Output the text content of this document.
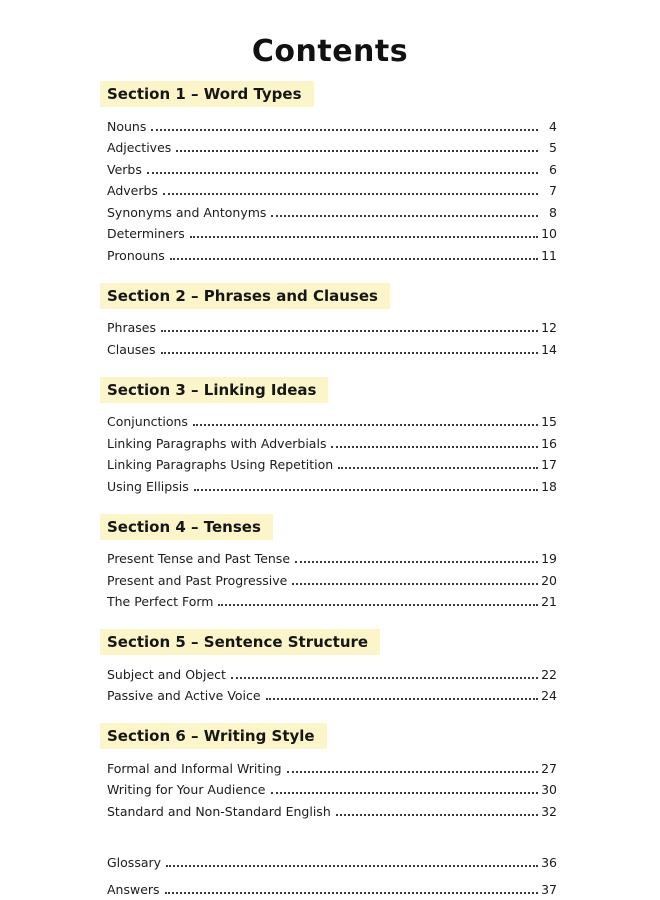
Contents
Section 1 – Word Types
Nouns	4
Adjectives	5
Verbs	6
Adverbs	7
Synonyms and Antonyms	8
Determiners	10
Pronouns	11
Section 2 – Phrases and Clauses
Phrases	12
Clauses	14
Section 3 – Linking Ideas
Conjunctions	15
Linking Paragraphs with Adverbials	16
Linking Paragraphs Using Repetition	17
Using Ellipsis	18
Section 4 – Tenses
Present Tense and Past Tense	19
Present and Past Progressive	20
The Perfect Form	21
Section 5 – Sentence Structure
Subject and Object	22
Passive and Active Voice	24
Section 6 – Writing Style
Formal and Informal Writing	27
Writing for Your Audience	30
Standard and Non-Standard English	32
Glossary	36
Answers	37
